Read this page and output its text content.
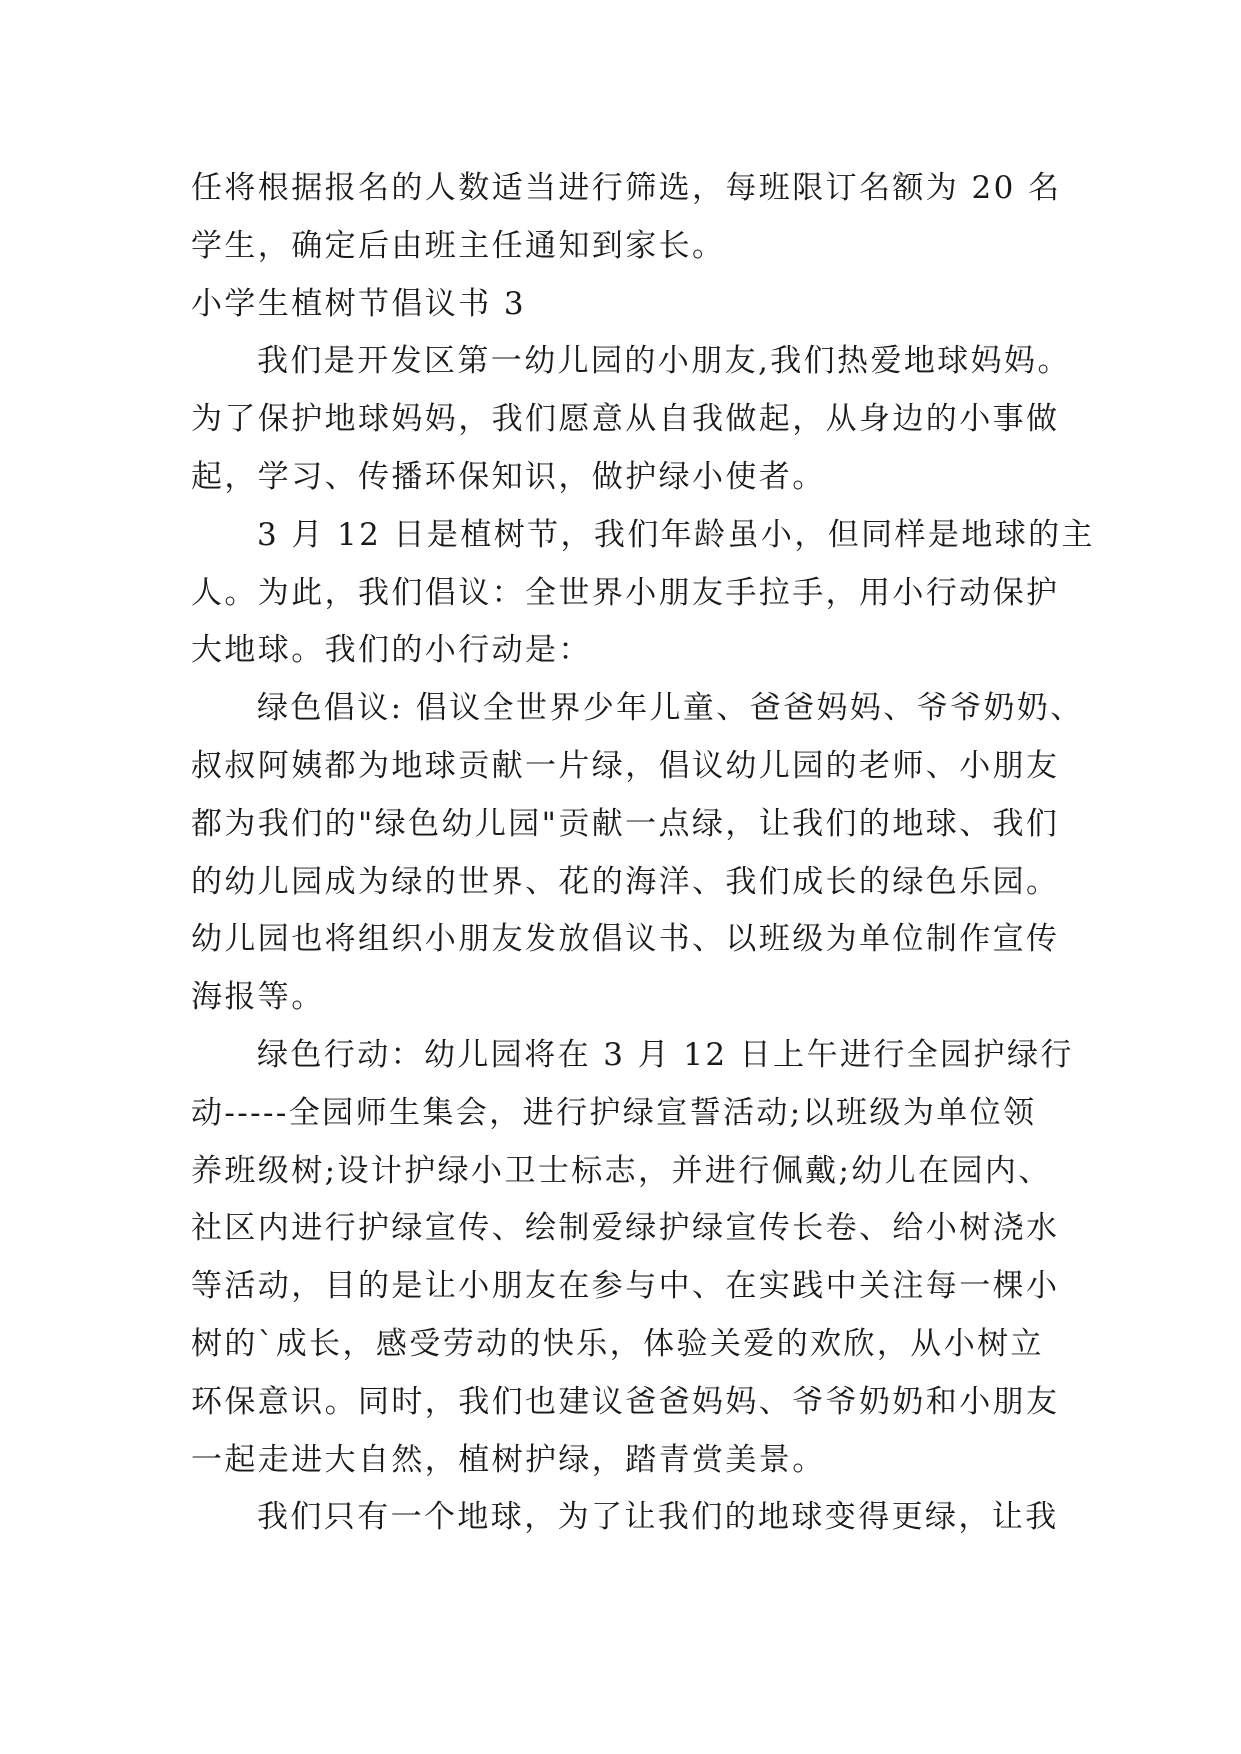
任将根据报名的人数适当进行筛选，每班限订名额为 20 名
学生，确定后由班主任通知到家长。
小学生植树节倡议书 3
我们是开发区第一幼儿园的小朋友,我们热爱地球妈妈。
为了保护地球妈妈，我们愿意从自我做起，从身边的小事做
起，学习、传播环保知识，做护绿小使者。
3 月 12 日是植树节，我们年龄虽小，但同样是地球的主
人。为此，我们倡议：全世界小朋友手拉手，用小行动保护
大地球。我们的小行动是：
绿色倡议: 倡议全世界少年儿童、爸爸妈妈、爷爷奶奶、
叔叔阿姨都为地球贡献一片绿，倡议幼儿园的老师、小朋友
都为我们的"绿色幼儿园"贡献一点绿，让我们的地球、我们
的幼儿园成为绿的世界、花的海洋、我们成长的绿色乐园。
幼儿园也将组织小朋友发放倡议书、以班级为单位制作宣传
海报等。
绿色行动：幼儿园将在 3 月 12 日上午进行全园护绿行
动-----全园师生集会，进行护绿宣誓活动;以班级为单位领
养班级树;设计护绿小卫士标志，并进行佩戴;幼儿在园内、
社区内进行护绿宣传、绘制爱绿护绿宣传长卷、给小树浇水
等活动，目的是让小朋友在参与中、在实践中关注每一棵小
树的`成长，感受劳动的快乐，体验关爱的欢欣，从小树立
环保意识。同时，我们也建议爸爸妈妈、爷爷奶奶和小朋友
一起走进大自然，植树护绿，踏青赏美景。
我们只有一个地球，为了让我们的地球变得更绿，让我
